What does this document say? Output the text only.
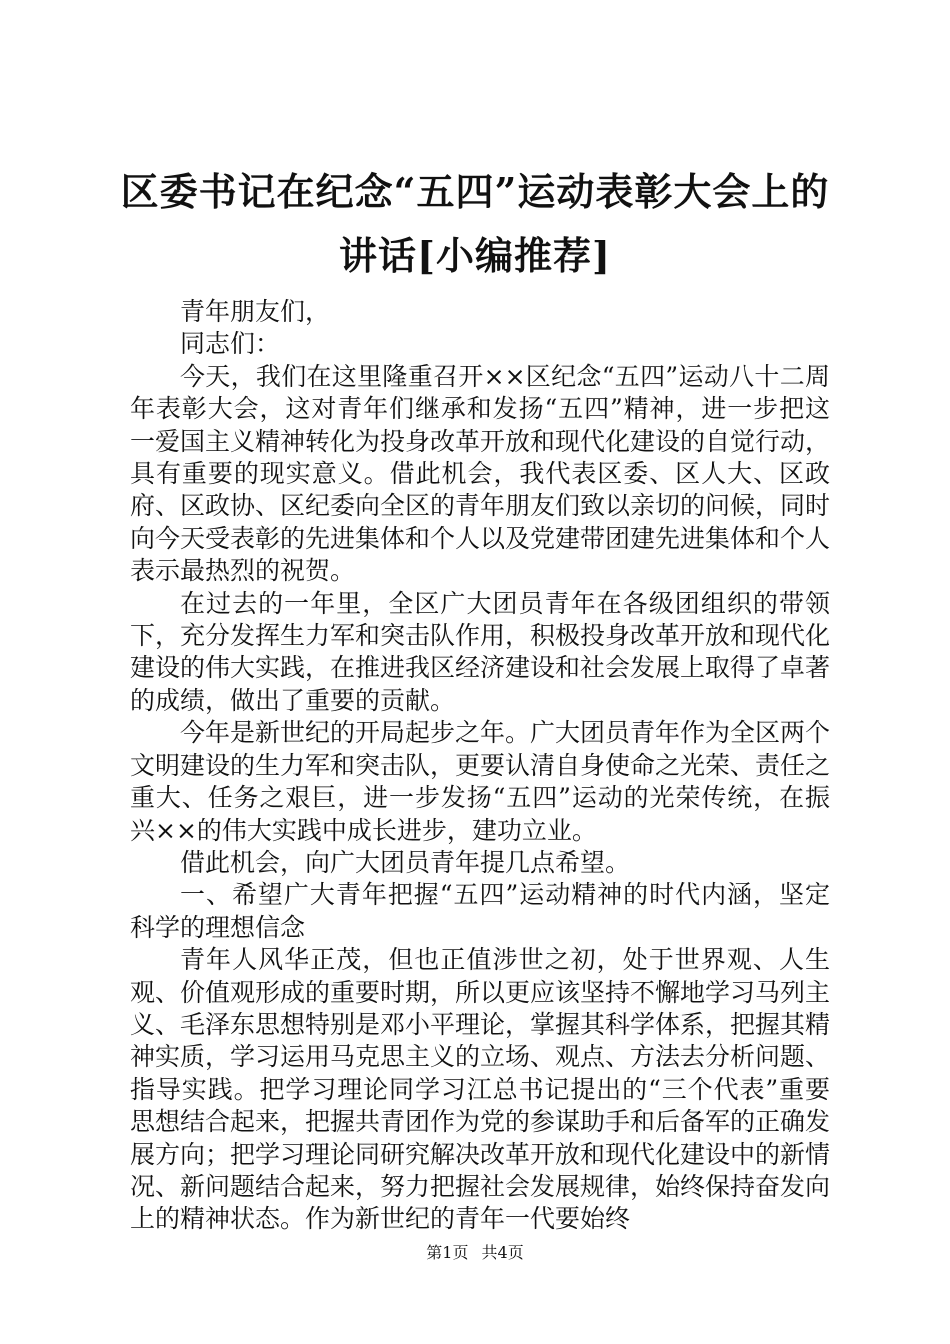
区委书记在纪念“五四”运动表彰大会上的讲话[小编推荐]

青年朋友们，

同志们：

今天，我们在这里隆重召开××区纪念“五四”运动八十二周年表彰大会，这对青年们继承和发扬“五四”精神，进一步把这一爱国主义精神转化为投身改革开放和现代化建设的自觉行动，具有重要的现实意义。借此机会，我代表区委、区人大、区政府、区政协、区纪委向全区的青年朋友们致以亲切的问候，同时向今天受表彰的先进集体和个人以及党建带团建先进集体和个人表示最热烈的祝贺。

在过去的一年里，全区广大团员青年在各级团组织的带领下，充分发挥生力军和突击队作用，积极投身改革开放和现代化建设的伟大实践，在推进我区经济建设和社会发展上取得了卓著的成绩，做出了重要的贡献。

今年是新世纪的开局起步之年。广大团员青年作为全区两个文明建设的生力军和突击队，更要认清自身使命之光荣、责任之重大、任务之艰巨，进一步发扬“五四”运动的光荣传统，在振兴××的伟大实践中成长进步，建功立业。

借此机会，向广大团员青年提几点希望。

一、希望广大青年把握“五四”运动精神的时代内涵，坚定科学的理想信念

青年人风华正茂，但也正值涉世之初，处于世界观、人生观、价值观形成的重要时期，所以更应该坚持不懈地学习马列主义、毛泽东思想特别是邓小平理论，掌握其科学体系，把握其精神实质，学习运用马克思主义的立场、观点、方法去分析问题、指导实践。把学习理论同学习江总书记提出的“三个代表”重要思想结合起来，把握共青团作为党的参谋助手和后备军的正确发展方向；把学习理论同研究解决改革开放和现代化建设中的新情况、新问题结合起来，努力把握社会发展规律，始终保持奋发向上的精神状态。作为新世纪的青年一代要始终

第1页 共4页
